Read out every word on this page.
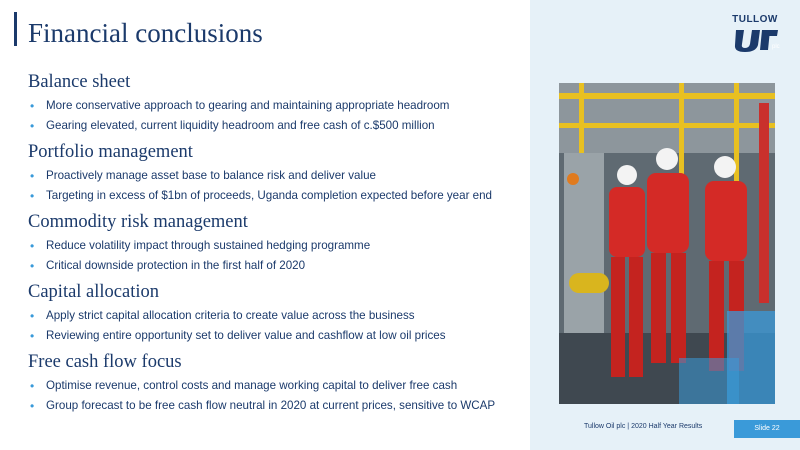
Financial conclusions	TULLOW
plc
Balance sheet
• More conservative approach to gearing and maintaining appropriate headroom
• Gearing elevated, current liquidity headroom and free cash of c.$500 million
Portfolio management
• Proactively manage asset base to balance risk and deliver value
• Targeting in excess of $1bn of proceeds, Uganda completion expected before year end
Commodity risk management
• Reduce volatility impact through sustained hedging programme
• Critical downside protection in the first half of 2020
Capital allocation
• Apply strict capital allocation criteria to create value across the business
• Reviewing entire opportunity set to deliver value and cashflow at low oil prices
Free cash flow focus
• Optimise revenue, control costs and manage working capital to deliver free cash
• Group forecast to be free cash flow neutral in 2020 at current prices, sensitive to WCAP
Tullow Oil plc | 2020 Half Year Results	Slide 22
